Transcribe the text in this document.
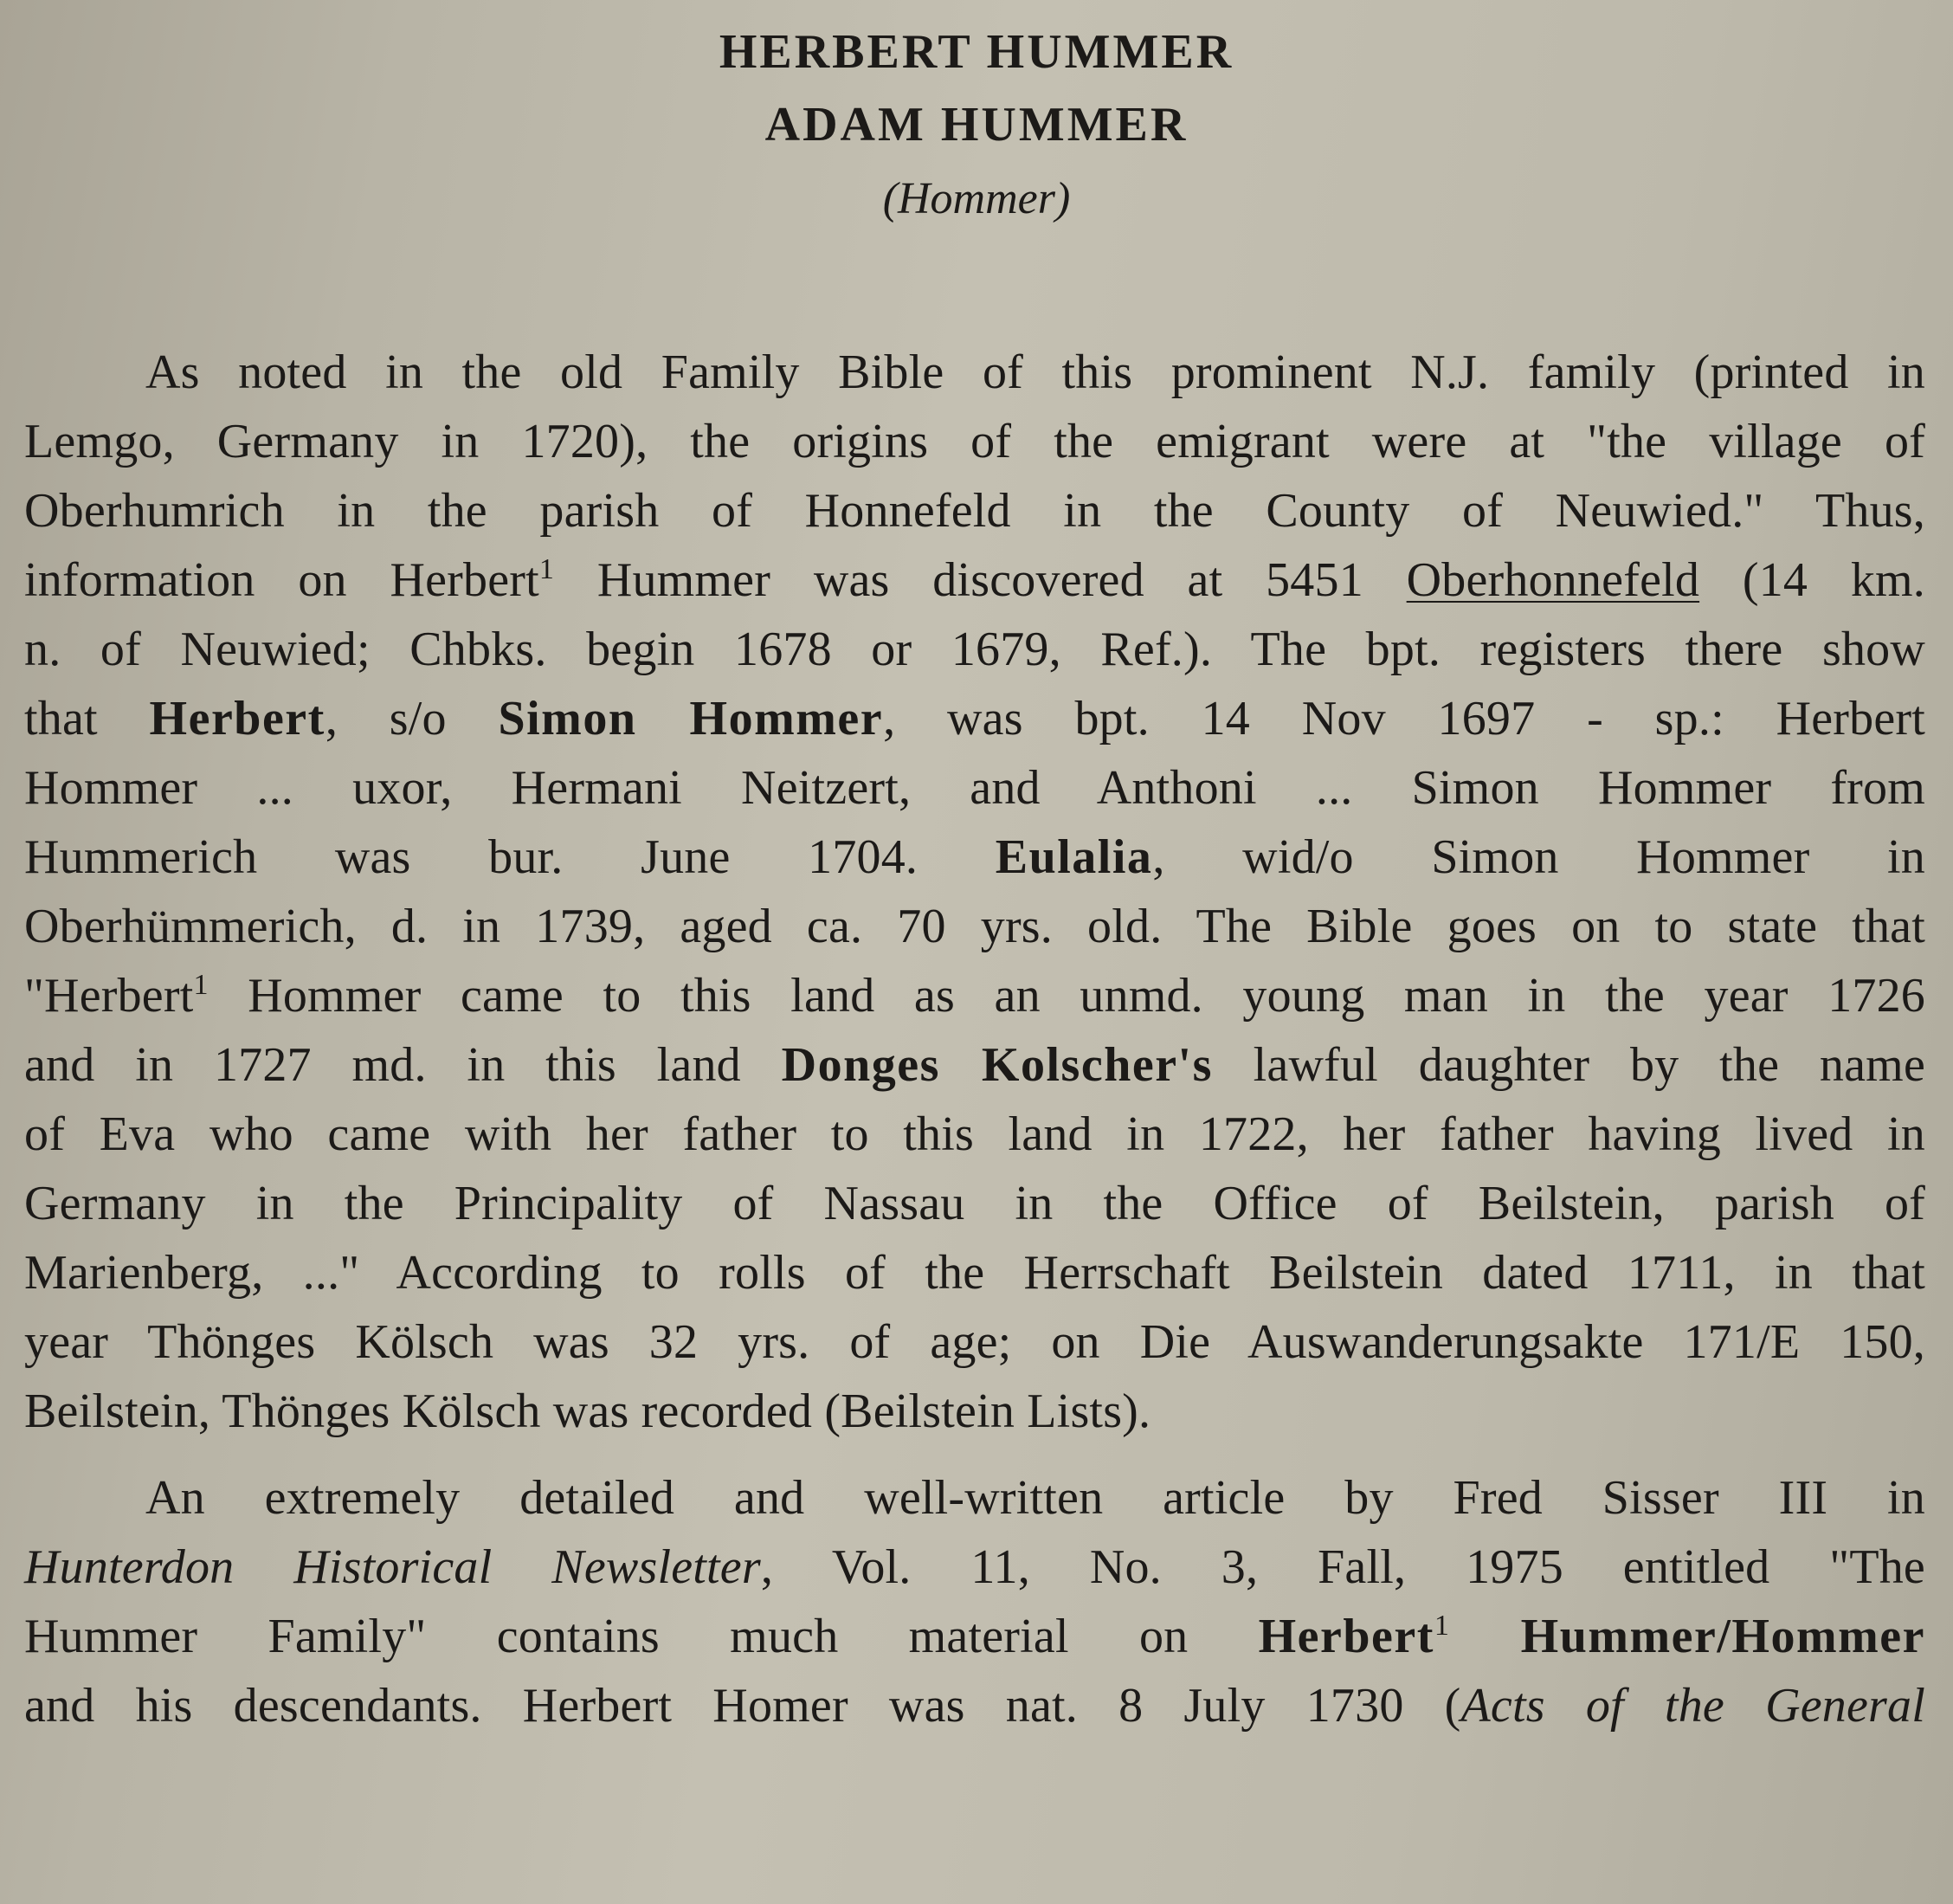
HERBERT HUMMER
ADAM HUMMER
(Hommer)
As noted in the old Family Bible of this prominent N.J. family (printed in
Lemgo, Germany in 1720), the origins of the emigrant were at "the village of
Oberhumrich in the parish of Honnefeld in the County of Neuwied." Thus,
information on Herbert$^1$ Hummer was discovered at 5451 Oberhonnefeld (14 km.
n. of Neuwied; Chbks. begin 1678 or 1679, Ref.). The bpt. registers there show
that Herbert, s/o Simon Hommer, was bpt. 14 Nov 1697 - sp.: Herbert
Hommer ... uxor, Hermani Neitzert, and Anthoni ... Simon Hommer from
Hummerich was bur. June 1704. Eulalia, wid/o Simon Hommer in
Oberhümmerich, d. in 1739, aged ca. 70 yrs. old. The Bible goes on to state that
"Herbert$^1$ Hommer came to this land as an unmd. young man in the year 1726
and in 1727 md. in this land Donges Kolscher's lawful daughter by the name
of Eva who came with her father to this land in 1722, her father having lived in
Germany in the Principality of Nassau in the Office of Beilstein, parish of
Marienberg, ..." According to rolls of the Herrschaft Beilstein dated 1711, in that
year Thönges Kölsch was 32 yrs. of age; on Die Auswanderungsakte 171/E 150,
Beilstein, Thönges Kölsch was recorded (Beilstein Lists).
An extremely detailed and well-written article by Fred Sisser III in
Hunterdon Historical Newsletter, Vol. 11, No. 3, Fall, 1975 entitled "The
Hummer Family" contains much material on Herbert$^1$ Hummer/Hommer
and his descendants. Herbert Homer was nat. 8 July 1730 (Acts of the General
